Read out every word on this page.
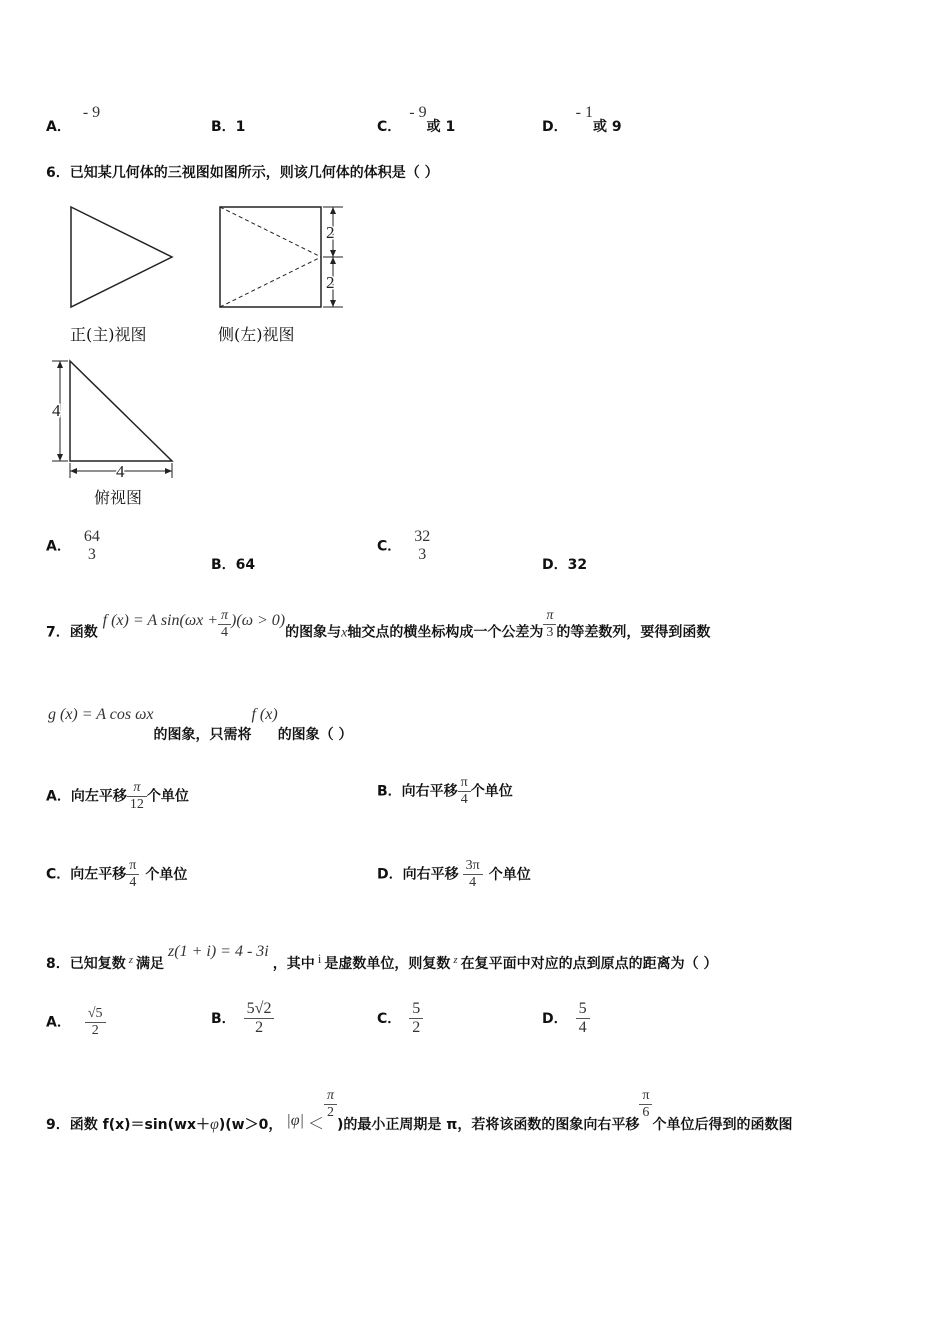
A．- 9
B．1	C．- 9或 1	D．- 1或 9
6．已知某几何体的三视图如图所示，则该几何体的体积是（ ）
正(主)视图
2
2
侧(左)视图
4
4
俯视图
A．
64
3
B．64
C．
32
3
D．32
7．函数 f (x) = A $\sin(\omega x + \frac{\pi}{4} )(\omega > 0)$的图象与x轴交点的横坐标构成一个公差为 $\frac{\pi}{3}$ 的等差数列，要得到函数
g (x) = A cos ωx的图象，只需将f (x)的图象（ ）
A．向左平移 $\frac{\pi}{12}$ 个单位	B．向右平移 $\frac{\pi}{4}$ 个单位
C．向左平移 $\frac{\pi}{4}$ 个单位	D．向右平移 $\frac{3\pi}{4}$ 个单位
8．已知复数 $^z$ 满足z(1 + i) = 4 - 3i，其中 i 是虚数单位，则复数 $^z$ 在复平面中对应的点到原点的距离为（ ）
A． $\frac{√5}{2}$	B． $\frac{5√2}{2}$	C． $\frac{5}{2}$	D． $\frac{5}{4}$
9．函数 f(x)＝sin(wx＋φ)(w＞0， |φ| ＜
$\frac{\pi}{2}$
)的最小正周期是 π，若将该函数的图象向右平移
$\frac{\pi}{6}$
个单位后得到的函数图
